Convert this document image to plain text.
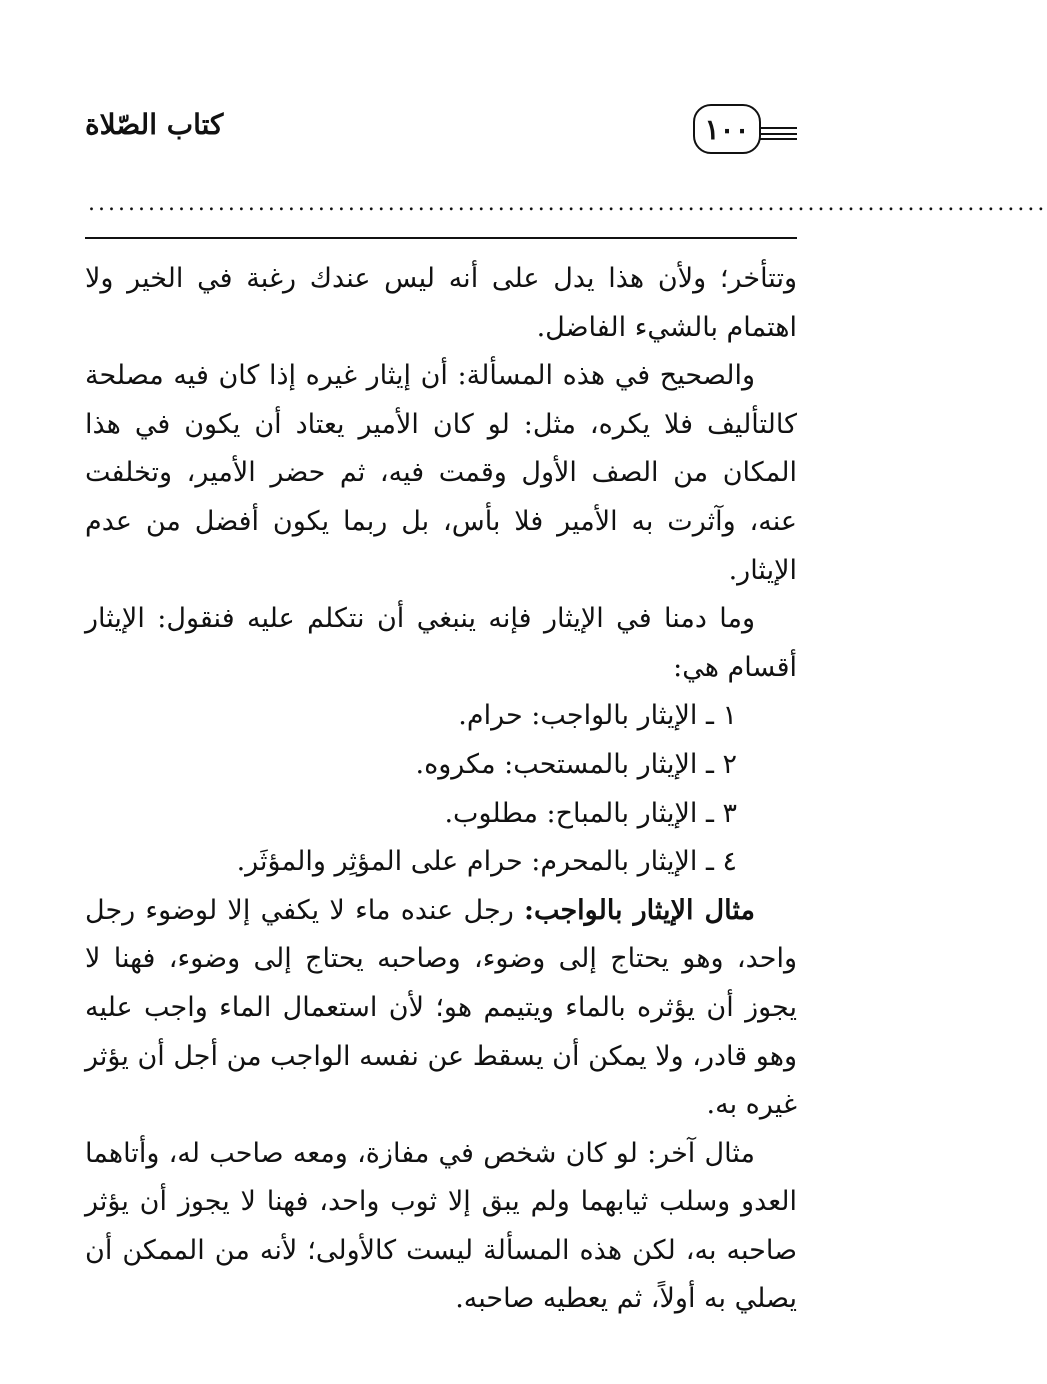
كتاب الصّلاة	١٠٠
................................................................................................

وتتأخر؛ ولأن هذا يدل على أنه ليس عندك رغبة في الخير ولا اهتمام بالشيء الفاضل.

والصحيح في هذه المسألة: أن إيثار غيره إذا كان فيه مصلحة كالتأليف فلا يكره، مثل: لو كان الأمير يعتاد أن يكون في هذا المكان من الصف الأول وقمت فيه، ثم حضر الأمير، وتخلفت عنه، وآثرت به الأمير فلا بأس، بل ربما يكون أفضل من عدم الإيثار.

وما دمنا في الإيثار فإنه ينبغي أن نتكلم عليه فنقول: الإيثار أقسام هي:

١ ـ الإيثار بالواجب: حرام.

٢ ـ الإيثار بالمستحب: مكروه.

٣ ـ الإيثار بالمباح: مطلوب.

٤ ـ الإيثار بالمحرم: حرام على المؤثِر والمؤثَر.

مثال الإيثار بالواجب: رجل عنده ماء لا يكفي إلا لوضوء رجل واحد، وهو يحتاج إلى وضوء، وصاحبه يحتاج إلى وضوء، فهنا لا يجوز أن يؤثره بالماء ويتيمم هو؛ لأن استعمال الماء واجب عليه وهو قادر، ولا يمكن أن يسقط عن نفسه الواجب من أجل أن يؤثر غيره به.

مثال آخر: لو كان شخص في مفازة، ومعه صاحب له، وأتاهما العدو وسلب ثيابهما ولم يبق إلا ثوب واحد، فهنا لا يجوز أن يؤثر صاحبه به، لكن هذه المسألة ليست كالأولى؛ لأنه من الممكن أن يصلي به أولاً، ثم يعطيه صاحبه.
